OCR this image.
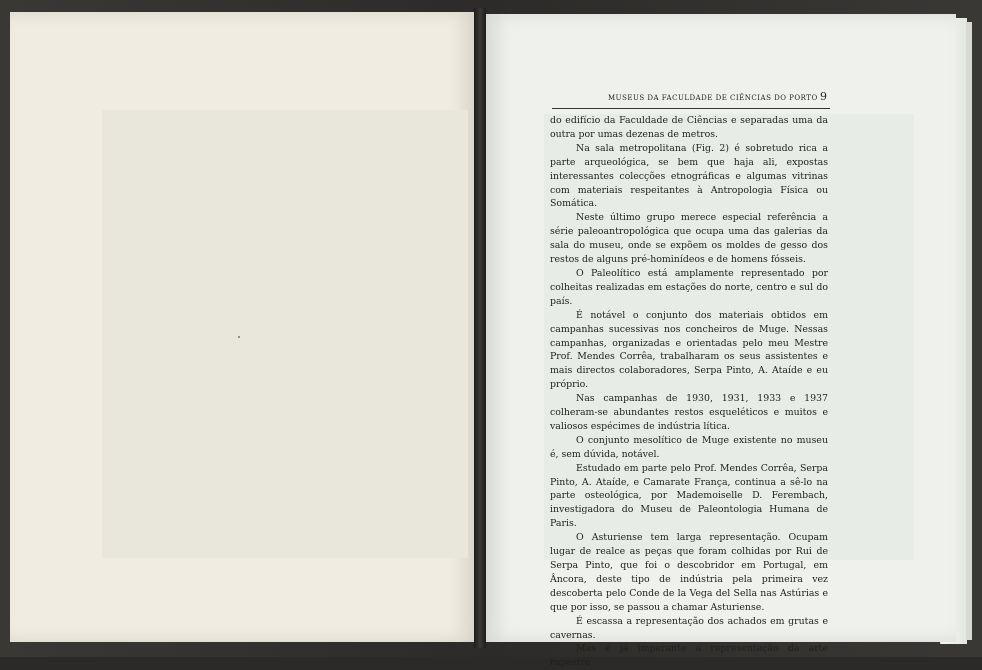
MUSEUS DA FACULDADE DE CIÊNCIAS DO PORTO 9

do edifício da Faculdade de Ciências e separadas uma da outra por umas dezenas de metros.

Na sala metropolitana (Fig. 2) é sobretudo rica a parte arqueológica, se bem que haja ali, expostas interessantes colecções etnográficas e algumas vitrinas com materiais respeitantes à Antropologia Física ou Somática.

Neste último grupo merece especial referência a série paleoantropológica que ocupa uma das galerias da sala do museu, onde se expõem os moldes de gesso dos restos de alguns pré-hominídeos e de homens fósseis.

O Paleolítico está amplamente representado por colheitas realizadas em estações do norte, centro e sul do país.

É notável o conjunto dos materiais obtidos em campanhas sucessivas nos concheiros de Muge. Nessas campanhas, organizadas e orientadas pelo meu Mestre Prof. Mendes Corrêa, trabalharam os seus assistentes e mais directos colaboradores, Serpa Pinto, A. Ataíde e eu próprio.

Nas campanhas de 1930, 1931, 1933 e 1937 colheram-se abundantes restos esqueléticos e muitos e valiosos espécimes de indústria lítica.

O conjunto mesolítico de Muge existente no museu é, sem dúvida, notável.

Estudado em parte pelo Prof. Mendes Corrêa, Serpa Pinto, A. Ataíde, e Camarate França, continua a sê-lo na parte osteológica, por Mademoiselle D. Ferembach, investigadora do Museu de Paleontologia Humana de Paris.

O Asturiense tem larga representação. Ocupam lugar de realce as peças que foram colhidas por Rui de Serpa Pinto, que foi o descobridor em Portugal, em Âncora, deste tipo de indústria pela primeira vez descoberta pelo Conde de la Vega del Sella nas Astúrias e que por isso, se passou a chamar Asturiense.

É escassa a representação dos achados em grutas e cavernas.

Mas é já imperante a representação da arte rupestre
